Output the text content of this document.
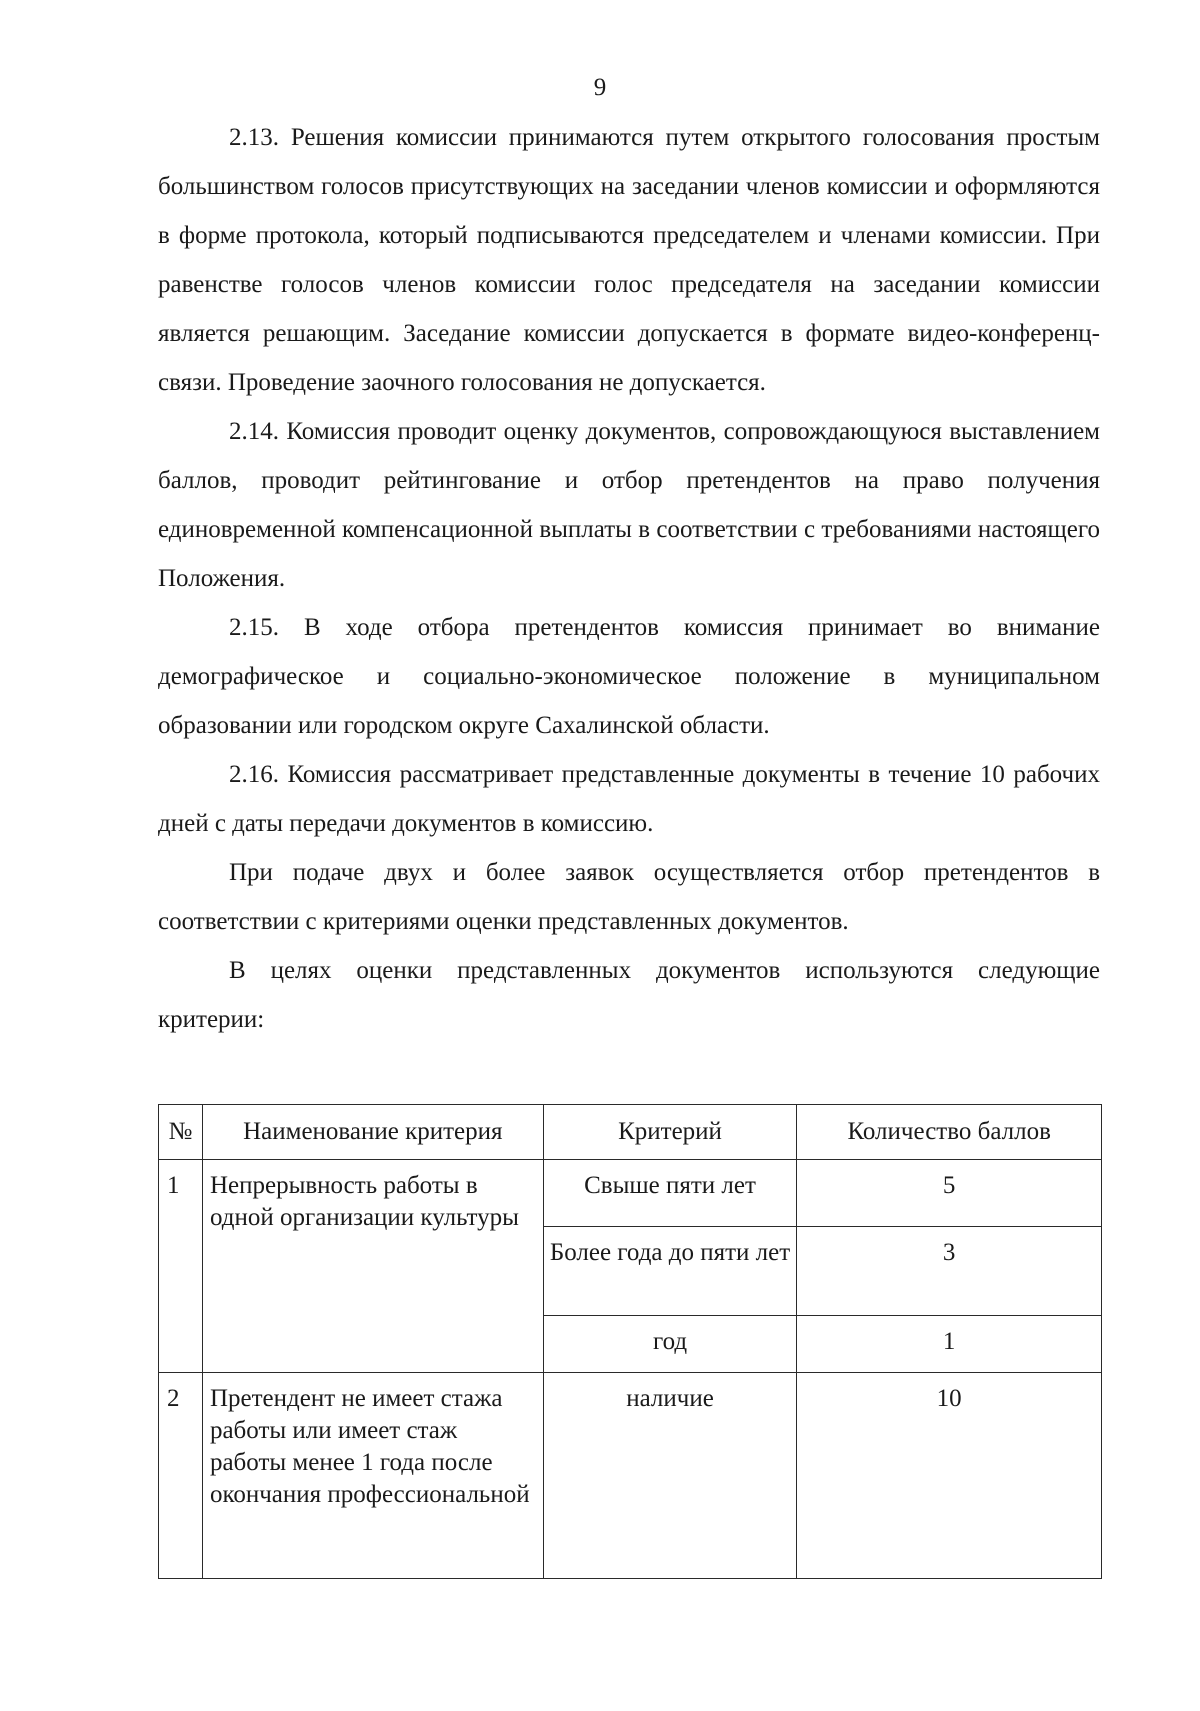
9

2.13. Решения комиссии принимаются путем открытого голосования простым большинством голосов присутствующих на заседании членов комиссии и оформляются в форме протокола, который подписываются председателем и членами комиссии. При равенстве голосов членов комиссии голос председателя на заседании комиссии является решающим. Заседание комиссии допускается в формате видео-конференц-связи. Проведение заочного голосования не допускается.

2.14. Комиссия проводит оценку документов, сопровождающуюся выставлением баллов, проводит рейтингование и отбор претендентов на право получения единовременной компенсационной выплаты в соответствии с требованиями настоящего Положения.

2.15. В ходе отбора претендентов комиссия принимает во внимание демографическое и социально-экономическое положение в муниципальном образовании или городском округе Сахалинской области.

2.16. Комиссия рассматривает представленные документы в течение 10 рабочих дней с даты передачи документов в комиссию.

При подаче двух и более заявок осуществляется отбор претендентов в соответствии с критериями оценки представленных документов.

В целях оценки представленных документов используются следующие критерии:

№	Наименование критерия	Критерий	Количество баллов
1	Непрерывность работы в одной организации культуры	Свыше пяти лет	5
		Более года до пяти лет	3
		год	1
2	Претендент не имеет стажа работы или имеет стаж работы менее 1 года после окончания профессиональной	наличие	10
